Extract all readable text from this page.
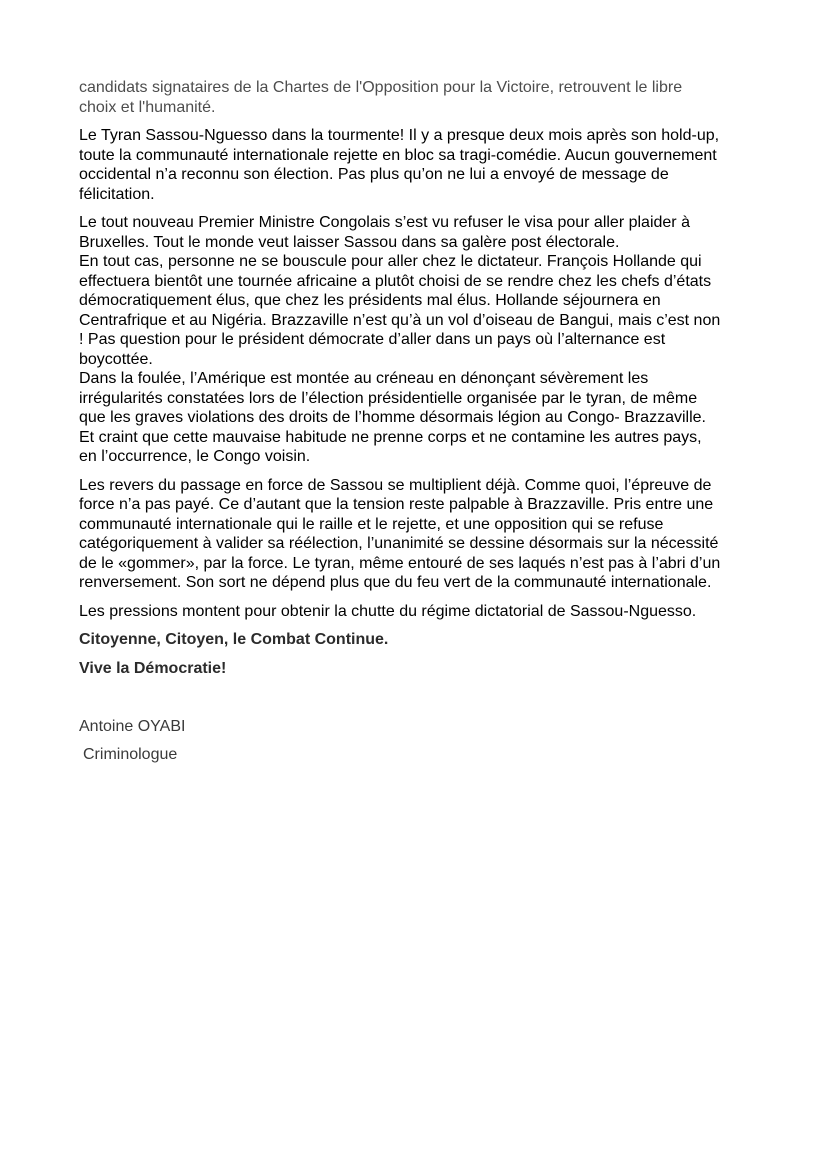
candidats signataires de la Chartes de l'Opposition pour la Victoire, retrouvent le libre
choix et l'humanité.
Le Tyran Sassou-Nguesso dans la tourmente! Il y a presque deux mois après son hold-up,
toute la communauté internationale rejette en bloc sa tragi-comédie. Aucun gouvernement
occidental n’a reconnu son élection. Pas plus qu’on ne lui a envoyé de message de
félicitation.
Le tout nouveau Premier Ministre Congolais s’est vu refuser le visa pour aller plaider à
Bruxelles. Tout le monde veut laisser Sassou dans sa galère post électorale.
En tout cas, personne ne se bouscule pour aller chez le dictateur. François Hollande qui
effectuera bientôt une tournée africaine a plutôt choisi de se rendre chez les chefs d’états
démocratiquement élus, que chez les présidents mal élus. Hollande séjournera en
Centrafrique et au Nigéria. Brazzaville n’est qu’à un vol d’oiseau de Bangui, mais c’est non
! Pas question pour le président démocrate d’aller dans un pays où l’alternance est
boycottée.
Dans la foulée, l’Amérique est montée au créneau en dénonçant sévèrement les
irrégularités constatées lors de l’élection présidentielle organisée par le tyran, de même
que les graves violations des droits de l’homme désormais légion au Congo- Brazzaville.
Et craint que cette mauvaise habitude ne prenne corps et ne contamine les autres pays,
en l’occurrence, le Congo voisin.
Les revers du passage en force de Sassou se multiplient déjà. Comme quoi, l’épreuve de
force n’a pas payé. Ce d’autant que la tension reste palpable à Brazzaville. Pris entre une
communauté internationale qui le raille et le rejette, et une opposition qui se refuse
catégoriquement à valider sa réélection, l’unanimité se dessine désormais sur la nécessité
de le «gommer», par la force. Le tyran, même entouré de ses laqués n’est pas à l’abri d’un
renversement. Son sort ne dépend plus que du feu vert de la communauté internationale.
Les pressions montent pour obtenir la chutte du régime dictatorial de Sassou-Nguesso.
Citoyenne, Citoyen, le Combat Continue.
Vive la Démocratie!
Antoine OYABI
Criminologue
